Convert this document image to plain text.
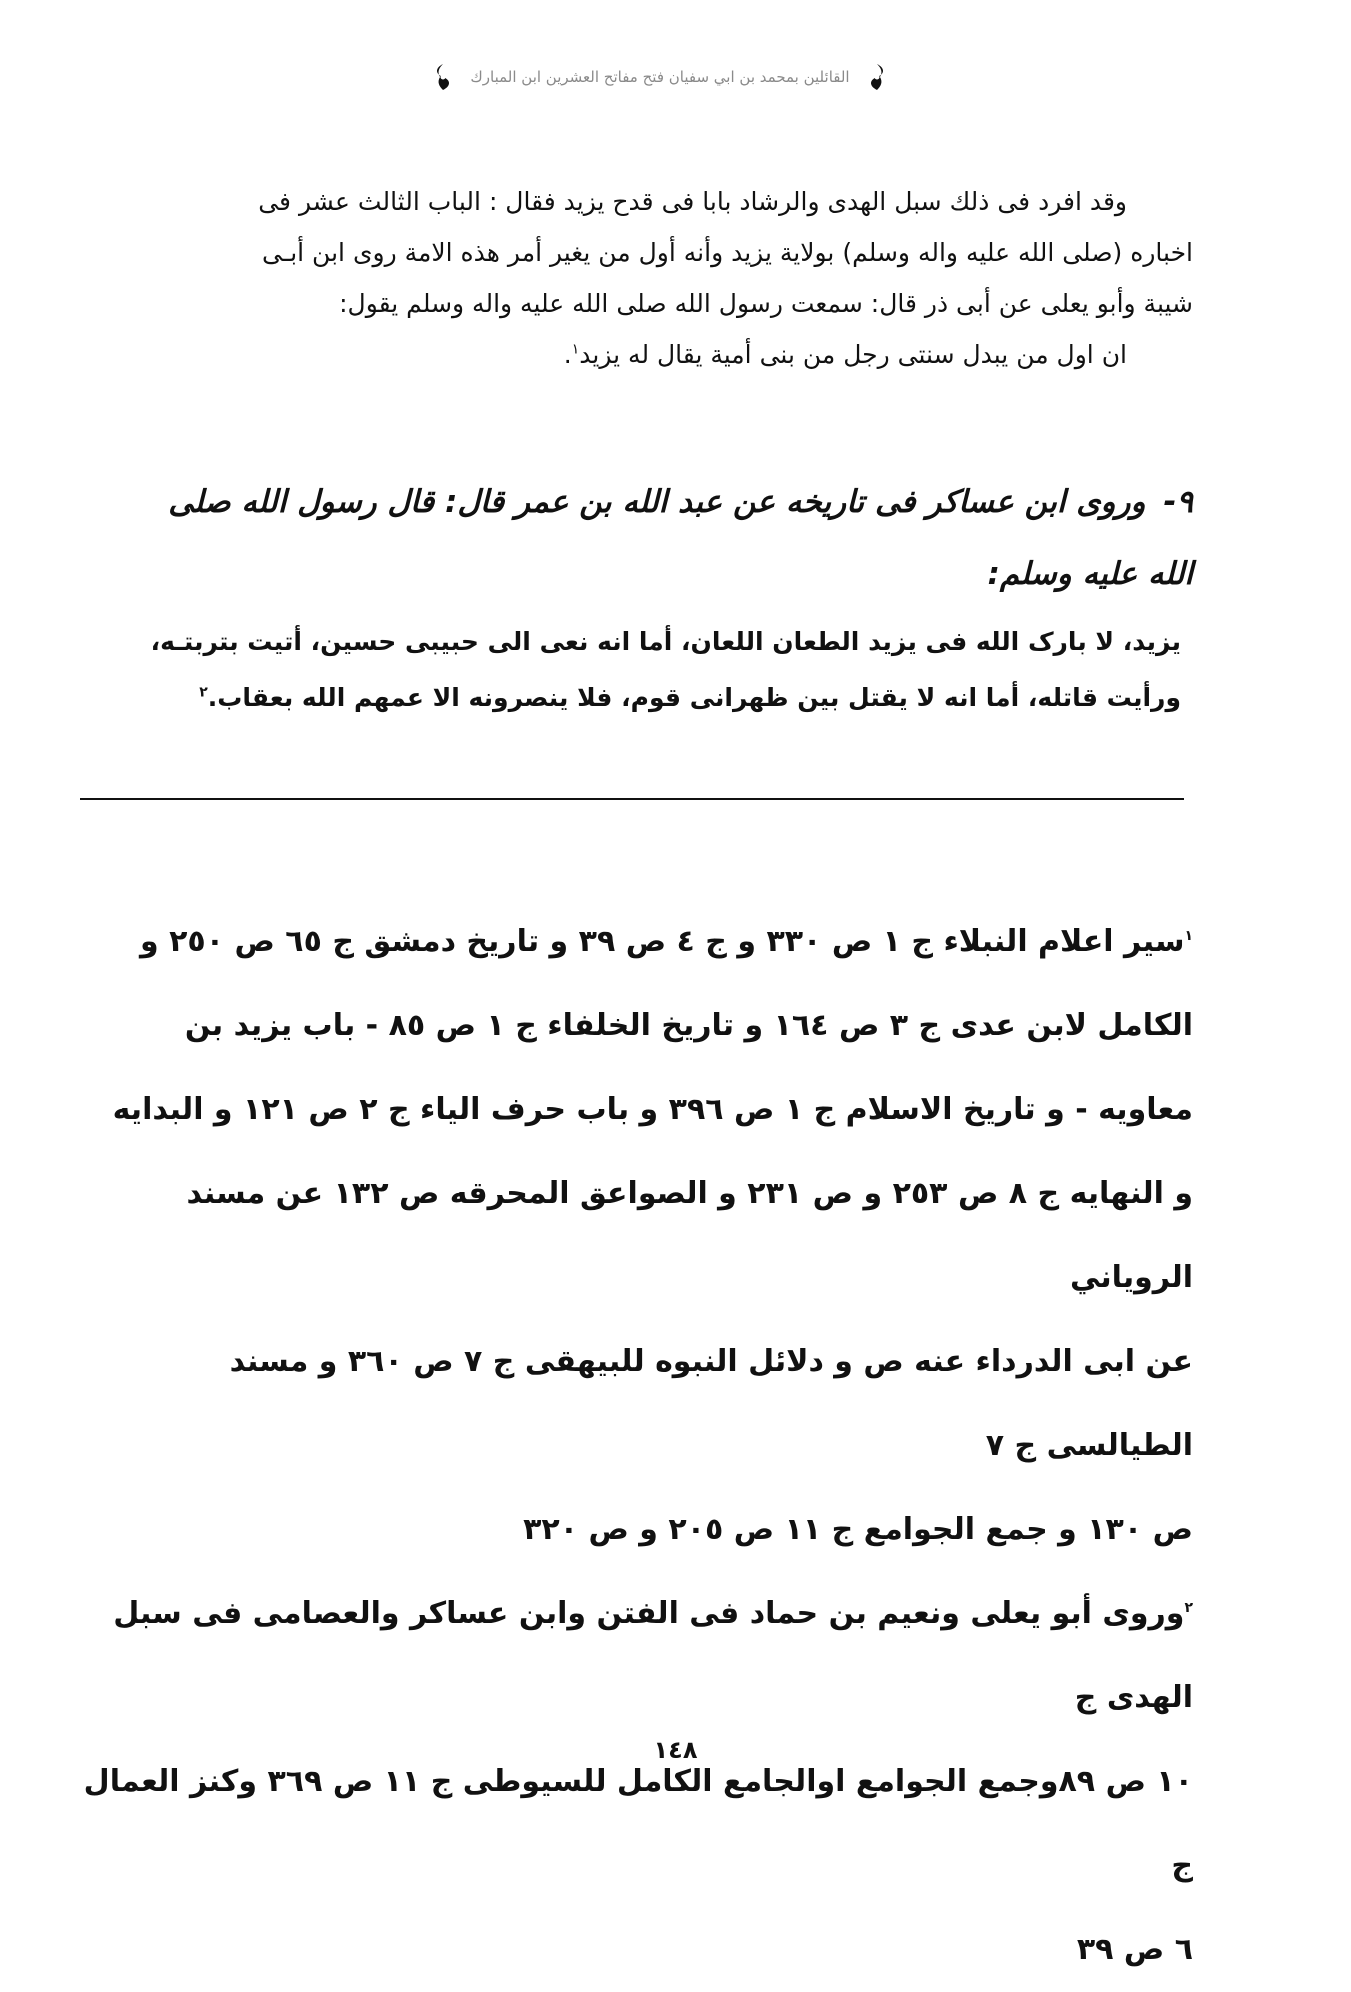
القائلين بمحمد بن ابي سفيان فتح مفاتح العشرين ابن المبارك

وقد افرد فى ذلك سبل الهدى والرشاد بابا فى قدح يزيد فقال : الباب الثالث عشر فى

اخباره (صلى الله عليه واله وسلم) بولاية يزيد وأنه أول من يغير أمر هذه الامة روى ابن أبـى

شيبة وأبو يعلى عن أبى ذر قال: سمعت رسول الله صلى الله عليه واله وسلم يقول:

ان اول من يبدل سنتى رجل من بنى أمية يقال له يزيد$^١$.

٩-وروى ابن عساكر فى تاريخه عن عبد الله بن عمر قال: قال رسول الله صلى
الله عليه وسلم:

يزيد، لا بارک الله فی يزيد الطعان اللعان، أما انه نعى الى حبيبى حسين، أتيت بتربتـه،

ورأيت قاتله، أما انه لا يقتل بين ظهرانى قوم، فلا ينصرونه الا عمهم الله بعقاب.$^٢$

$^١$سير اعلام النبلاء ج ١ ص ٣٣٠ و ج ٤ ص ٣٩ و تاريخ دمشق ج ٦٥ ص ٢٥٠ و

الكامل لابن عدى ج ٣ ص ١٦٤ و تاريخ الخلفاء ج ١ ص ٨٥ - باب يزيد بن

معاويه - و تاريخ الاسلام ج ١ ص ٣٩٦ و باب حرف الياء ج ٢ ص ١٢١ و البدايه

و النهايه ج ٨ ص ٢٥٣ و ص ٢٣١ و الصواعق المحرقه ص ١٣٢ عن مسند الروياني

عن ابى الدرداء عنه ص و دلائل النبوه للبيهقى ج ٧ ص ٣٦٠ و مسند الطيالسى ج ٧

ص ١٣٠ و جمع الجوامع ج ١١ ص ٢٠٥ و ص ٣٢٠

$^٢$وروى أبو يعلى ونعيم بن حماد فى الفتن وابن عساكر والعصامى فى سبل الهدى ج

١٠ ص ٨٩وجمع الجوامع اوالجامع الكامل للسيوطى ج ١١ ص ٣٦٩ وكنز العمال ج

٦ ص ٣٩

١٤٨
